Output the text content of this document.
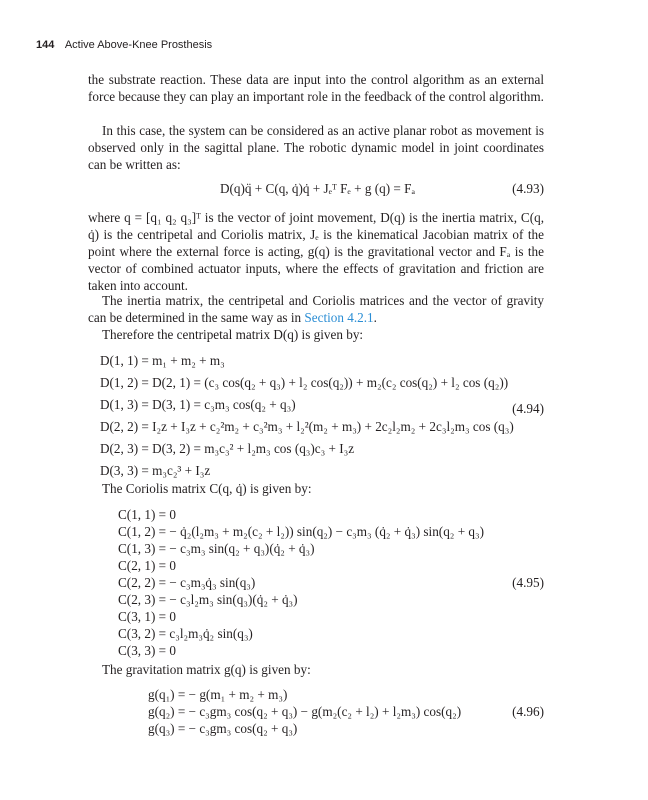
144 Active Above-Knee Prosthesis

the substrate reaction. These data are input into the control algorithm as an external force because they can play an important role in the feedback of the control algorithm.

In this case, the system can be considered as an active planar robot as movement is observed only in the sagittal plane. The robotic dynamic model in joint coordinates can be written as:

D(q)q̈ + C(q, q̇)q̇ + Jₑᵀ Fₑ + g (q) = Fₐ	(4.93)

where q = [q₁ q₂ q₃]ᵀ is the vector of joint movement, D(q) is the inertia matrix, C(q, q̇) is the centripetal and Coriolis matrix, Jₑ is the kinematical Jacobian matrix of the point where the external force is acting, g(q) is the gravitational vector and Fₐ is the vector of combined actuator inputs, where the effects of gravitation and friction are taken into account.

The inertia matrix, the centripetal and Coriolis matrices and the vector of gravity can be determined in the same way as in Section 4.2.1.

Therefore the centripetal matrix D(q) is given by:

D(1, 1) = m₁ + m₂ + m₃
D(1, 2) = D(2, 1) = (c₃ cos(q₂ + q₃) + l₂ cos(q₂)) + m₂(c₂ cos(q₂) + l₂ cos (q₂))
D(1, 3) = D(3, 1) = c₃m₃ cos(q₂ + q₃)
D(2, 2) = I₂z + I₃z + c₂²m₂ + c₃²m₃ + l₂²(m₂ + m₃) + 2c₂l₂m₂ + 2c₃l₂m₃ cos (q₃)
D(2, 3) = D(3, 2) = m₃c₃² + l₂m₃ cos (q₃)c₃ + I₃z
D(3, 3) = m₃c₂³ + I₃z
(4.94)

The Coriolis matrix C(q, q̇) is given by:

C(1, 1) = 0
C(1, 2) = − q̇₂(l₂m₃ + m₂(c₂ + l₂)) sin(q₂) − c₃m₃ (q̇₂ + q̇₃) sin(q₂ + q₃)
C(1, 3) = − c₃m₃ sin(q₂ + q₃)(q̇₂ + q̇₃)
C(2, 1) = 0
C(2, 2) = − c₃m₃q̇₃ sin(q₃)
C(2, 3) = − c₃l₂m₃ sin(q₃)(q̇₂ + q̇₃)
C(3, 1) = 0
C(3, 2) = c₃l₂m₃q̇₂ sin(q₃)
C(3, 3) = 0
(4.95)

The gravitation matrix g(q) is given by:

g(q₁) = − g(m₁ + m₂ + m₃)
g(q₂) = − c₃gm₃ cos(q₂ + q₃) − g(m₂(c₂ + l₂) + l₂m₃) cos(q₂)
g(q₃) = − c₃gm₃ cos(q₂ + q₃)
(4.96)
